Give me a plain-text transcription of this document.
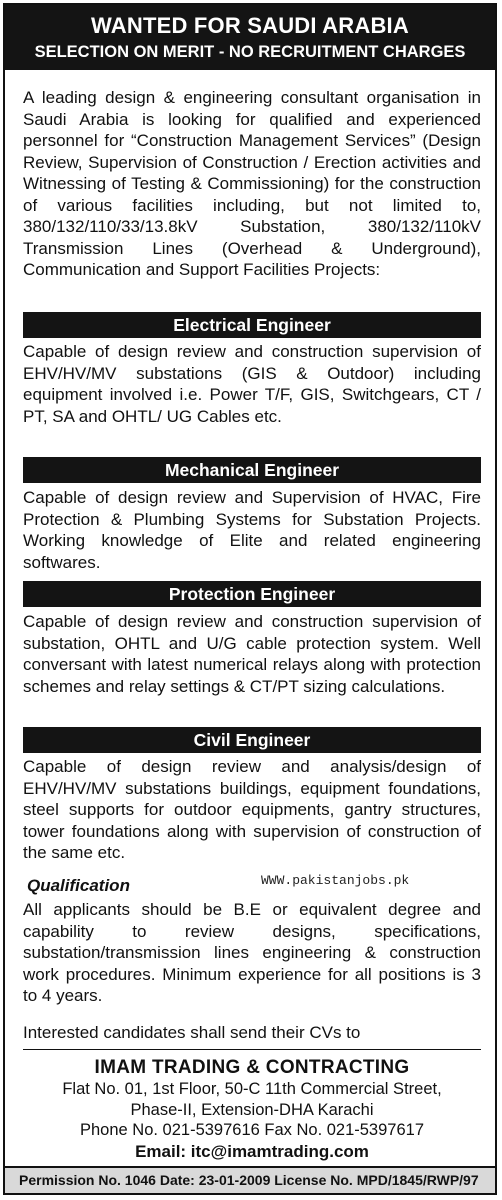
WANTED FOR SAUDI ARABIA
SELECTION ON MERIT - NO RECRUITMENT CHARGES
A leading design & engineering consultant organisation in Saudi Arabia is looking for qualified and experienced personnel for “Construction Management Services” (Design Review, Supervision of Construction / Erection activities and Witnessing of Testing & Commissioning) for the construction of various facilities including, but not limited to, 380/132/110/33/13.8kV Substation, 380/132/110kV Transmission Lines (Overhead & Underground), Communication and Support Facilities Projects:
Electrical Engineer
Capable of design review and construction supervision of EHV/HV/MV substations (GIS & Outdoor) including equipment involved i.e. Power T/F, GIS, Switchgears, CT / PT, SA and OHTL/ UG Cables etc.
Mechanical Engineer
Capable of design review and Supervision of HVAC, Fire Protection & Plumbing Systems for Substation Projects. Working knowledge of Elite and related engineering softwares.
Protection Engineer
Capable of design review and construction supervision of substation, OHTL and U/G cable protection system. Well conversant with latest numerical relays along with protection schemes and relay settings & CT/PT sizing calculations.
Civil Engineer
Capable of design review and analysis/design of EHV/HV/MV substations buildings, equipment foundations, steel supports for outdoor equipments, gantry structures, tower foundations along with supervision of construction of the same etc.
Qualification	WWW.pakistanjobs.pk
All applicants should be B.E or equivalent degree and capability to review designs, specifications, substation/transmission lines engineering & construction work procedures. Minimum experience for all positions is 3 to 4 years.
Interested candidates shall send their CVs to
IMAM TRADING & CONTRACTING
Flat No. 01, 1st Floor, 50-C 11th Commercial Street,
Phase-II, Extension-DHA Karachi
Phone No. 021-5397616 Fax No. 021-5397617
Email: itc@imamtrading.com
Permission No. 1046 Date: 23-01-2009 License No. MPD/1845/RWP/97
